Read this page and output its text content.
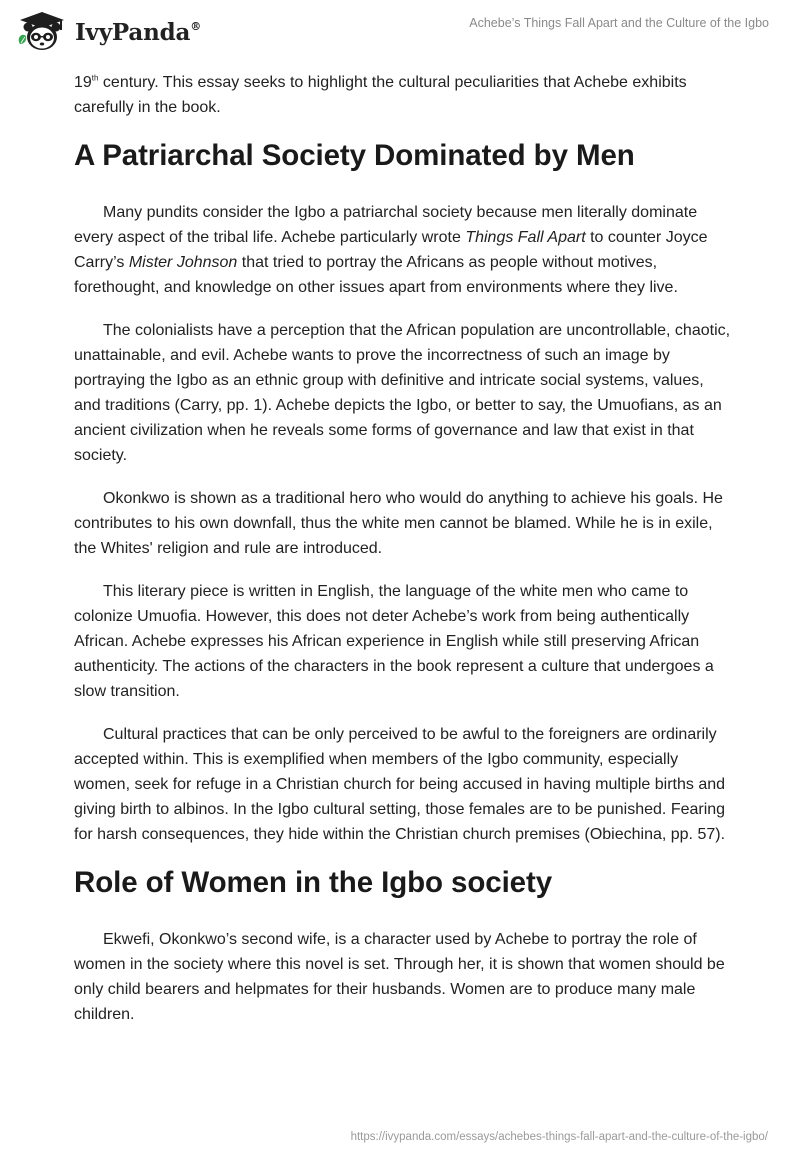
IvyPanda®	Achebe’s Things Fall Apart and the Culture of the Igbo

19th century. This essay seeks to highlight the cultural peculiarities that Achebe exhibits carefully in the book.

A Patriarchal Society Dominated by Men

Many pundits consider the Igbo a patriarchal society because men literally dominate every aspect of the tribal life. Achebe particularly wrote Things Fall Apart to counter Joyce Carry’s Mister Johnson that tried to portray the Africans as people without motives, forethought, and knowledge on other issues apart from environments where they live.

The colonialists have a perception that the African population are uncontrollable, chaotic, unattainable, and evil. Achebe wants to prove the incorrectness of such an image by portraying the Igbo as an ethnic group with definitive and intricate social systems, values, and traditions (Carry, pp. 1). Achebe depicts the Igbo, or better to say, the Umuofians, as an ancient civilization when he reveals some forms of governance and law that exist in that society.

Okonkwo is shown as a traditional hero who would do anything to achieve his goals. He contributes to his own downfall, thus the white men cannot be blamed. While he is in exile, the Whites' religion and rule are introduced.

This literary piece is written in English, the language of the white men who came to colonize Umuofia. However, this does not deter Achebe’s work from being authentically African. Achebe expresses his African experience in English while still preserving African authenticity. The actions of the characters in the book represent a culture that undergoes a slow transition.

Cultural practices that can be only perceived to be awful to the foreigners are ordinarily accepted within. This is exemplified when members of the Igbo community, especially women, seek for refuge in a Christian church for being accused in having multiple births and giving birth to albinos. In the Igbo cultural setting, those females are to be punished. Fearing for harsh consequences, they hide within the Christian church premises (Obiechina, pp. 57).

Role of Women in the Igbo society

Ekwefi, Okonkwo’s second wife, is a character used by Achebe to portray the role of women in the society where this novel is set. Through her, it is shown that women should be only child bearers and helpmates for their husbands. Women are to produce many male children.

https://ivypanda.com/essays/achebes-things-fall-apart-and-the-culture-of-the-igbo/
